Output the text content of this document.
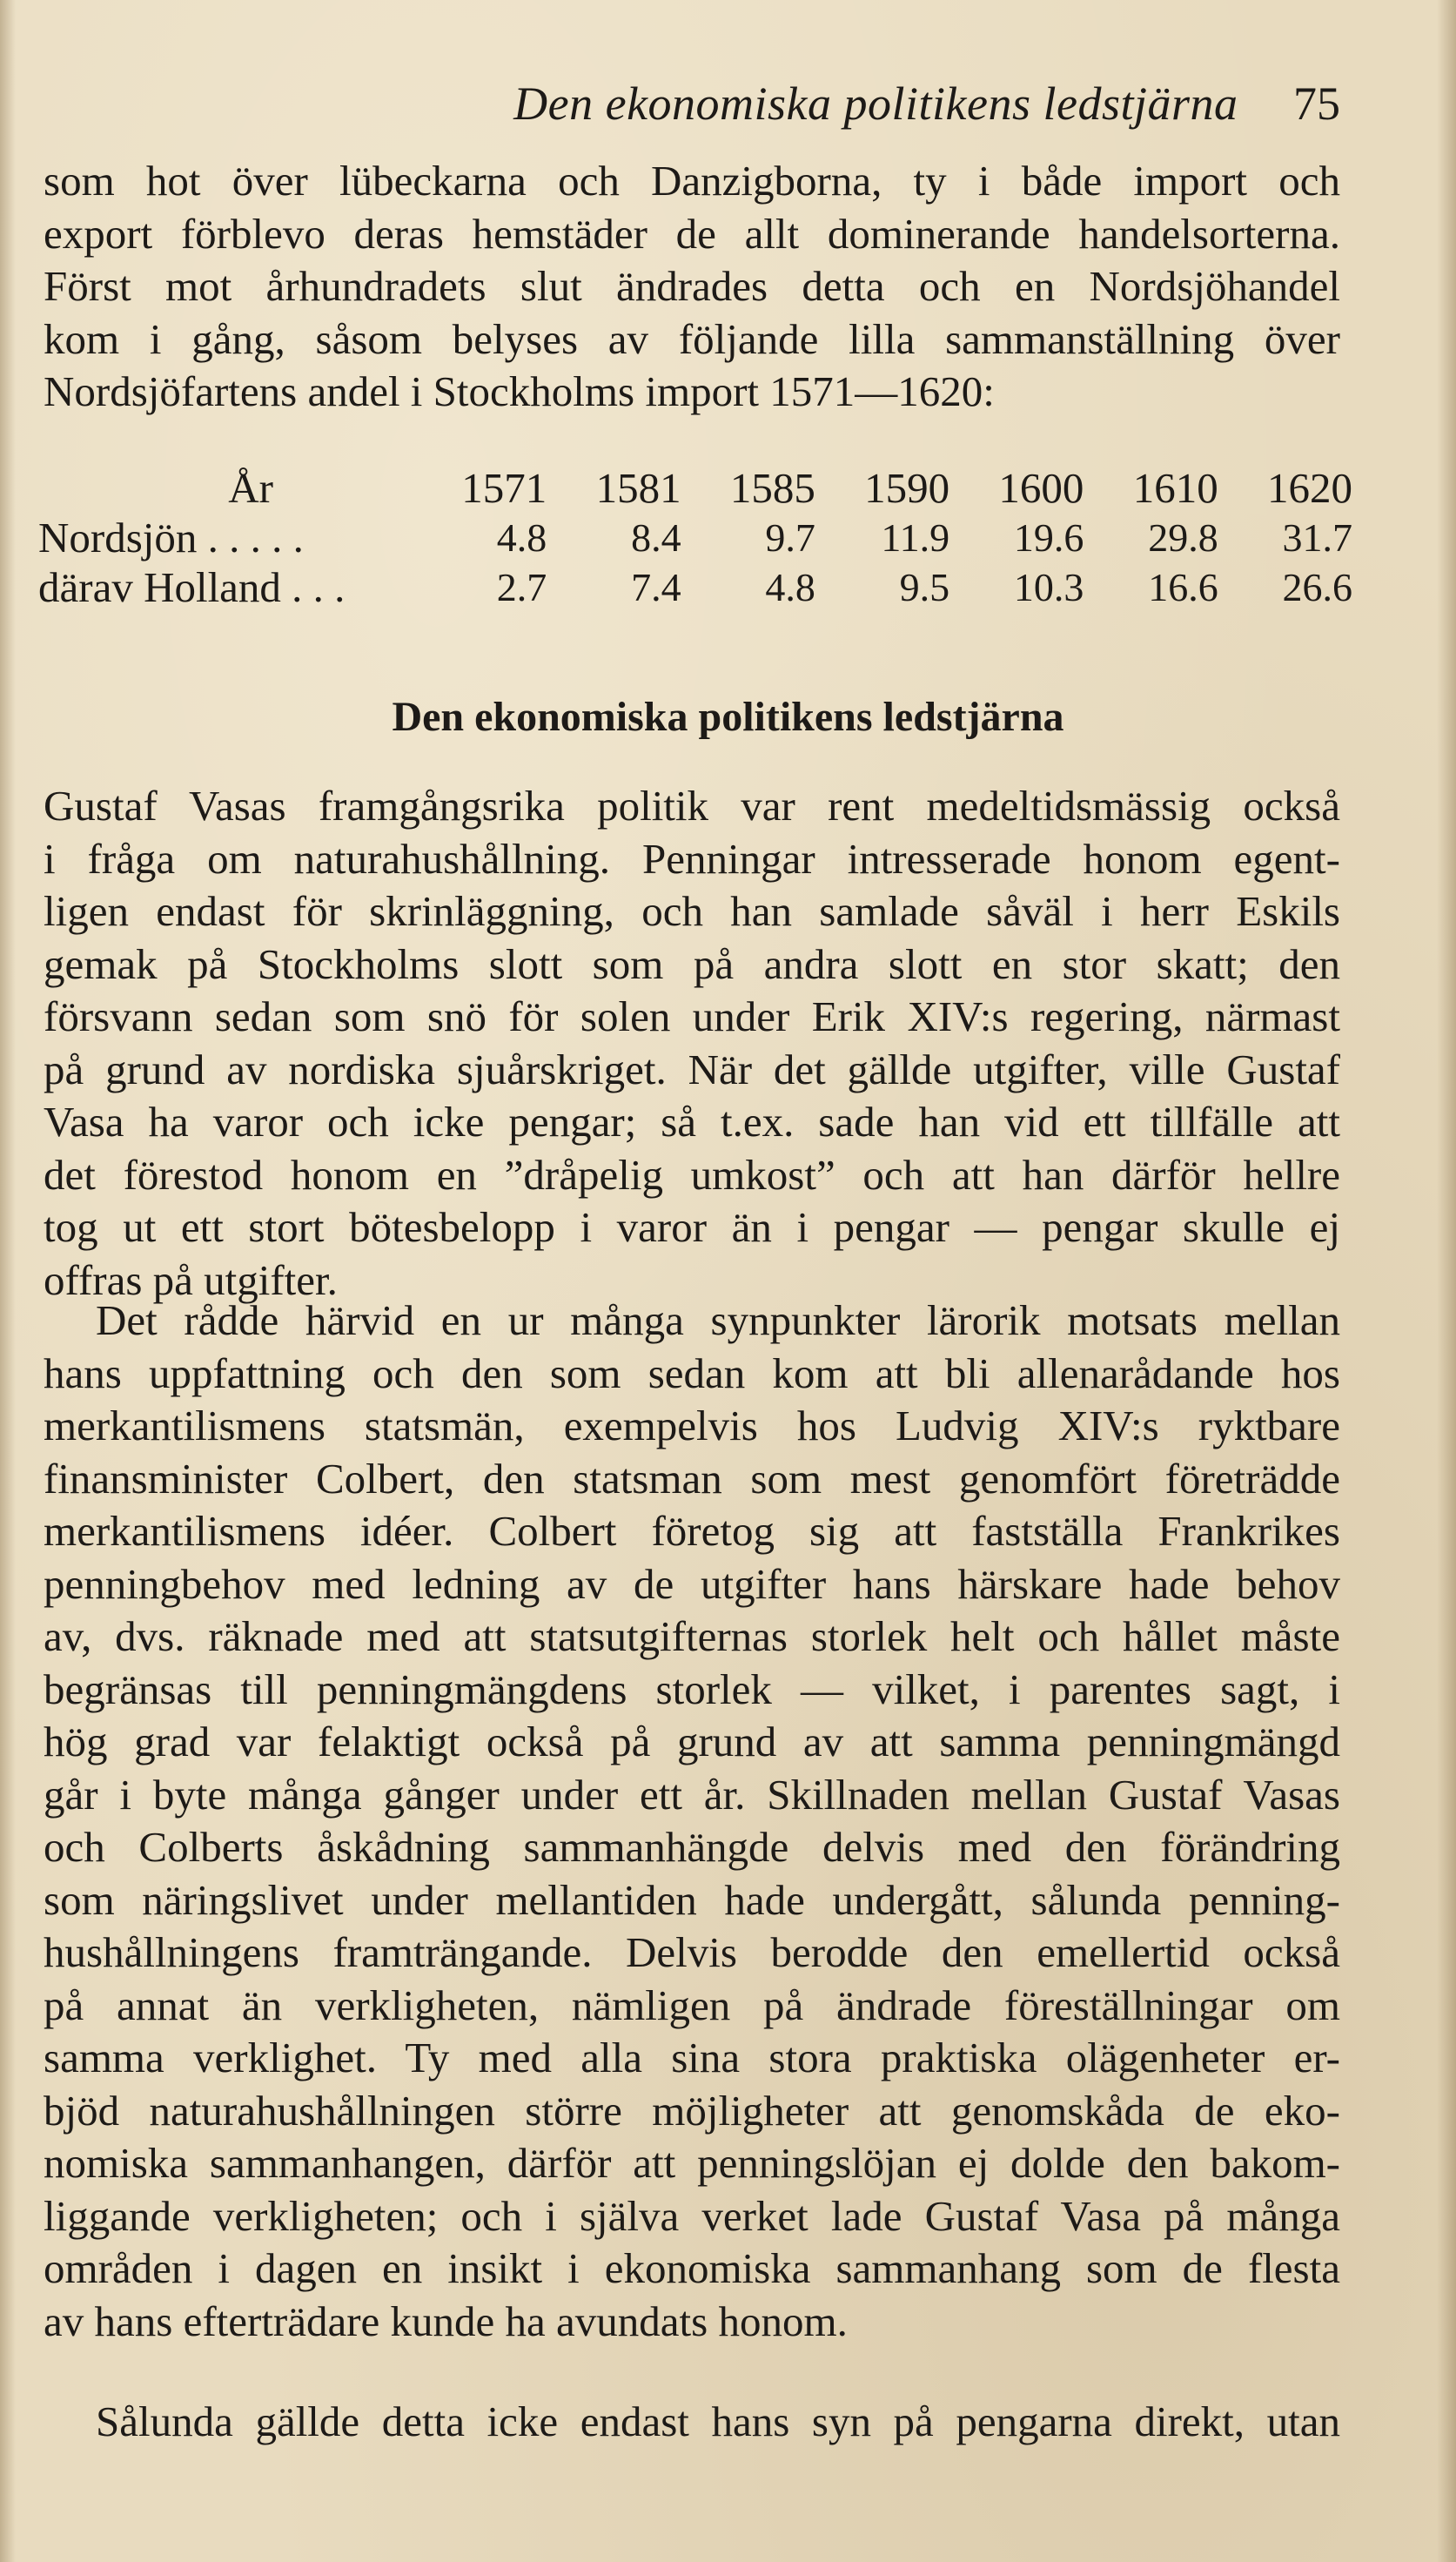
Den ekonomiska politikens ledstjärna 75
som hot över lübeckarna och Danzigborna, ty i både import och
export förblevo deras hemstäder de allt dominerande handelsorterna.
Först mot århundradets slut ändrades detta och en Nordsjöhandel
kom i gång, såsom belyses av följande lilla sammanställning över
Nordsjöfartens andel i Stockholms import 1571—1620:
År	1571	1581	1585	1590	1600	1610	1620
Nordsjön . . . . .	4.8	8.4	9.7	11.9	19.6	29.8	31.7
därav Holland . . .	2.7	7.4	4.8	9.5	10.3	16.6	26.6
Den ekonomiska politikens ledstjärna
Gustaf Vasas framgångsrika politik var rent medeltidsmässig också
i fråga om naturahushållning. Penningar intresserade honom egent-
ligen endast för skrinläggning, och han samlade såväl i herr Eskils
gemak på Stockholms slott som på andra slott en stor skatt; den
försvann sedan som snö för solen under Erik XIV:s regering, närmast
på grund av nordiska sjuårskriget. När det gällde utgifter, ville Gustaf
Vasa ha varor och icke pengar; så t.ex. sade han vid ett tillfälle att
det förestod honom en ”dråpelig umkost” och att han därför hellre
tog ut ett stort bötesbelopp i varor än i pengar — pengar skulle ej
offras på utgifter.
Det rådde härvid en ur många synpunkter lärorik motsats mellan
hans uppfattning och den som sedan kom att bli allenarådande hos
merkantilismens statsmän, exempelvis hos Ludvig XIV:s ryktbare
finansminister Colbert, den statsman som mest genomfört företrädde
merkantilismens idéer. Colbert företog sig att fastställa Frankrikes
penningbehov med ledning av de utgifter hans härskare hade behov
av, dvs. räknade med att statsutgifternas storlek helt och hållet måste
begränsas till penningmängdens storlek — vilket, i parentes sagt, i
hög grad var felaktigt också på grund av att samma penningmängd
går i byte många gånger under ett år. Skillnaden mellan Gustaf Vasas
och Colberts åskådning sammanhängde delvis med den förändring
som näringslivet under mellantiden hade undergått, sålunda penning-
hushållningens framträngande. Delvis berodde den emellertid också
på annat än verkligheten, nämligen på ändrade föreställningar om
samma verklighet. Ty med alla sina stora praktiska olägenheter er-
bjöd naturahushållningen större möjligheter att genomskåda de eko-
nomiska sammanhangen, därför att penningslöjan ej dolde den bakom-
liggande verkligheten; och i själva verket lade Gustaf Vasa på många
områden i dagen en insikt i ekonomiska sammanhang som de flesta
av hans efterträdare kunde ha avundats honom.
Sålunda gällde detta icke endast hans syn på pengarna direkt, utan
